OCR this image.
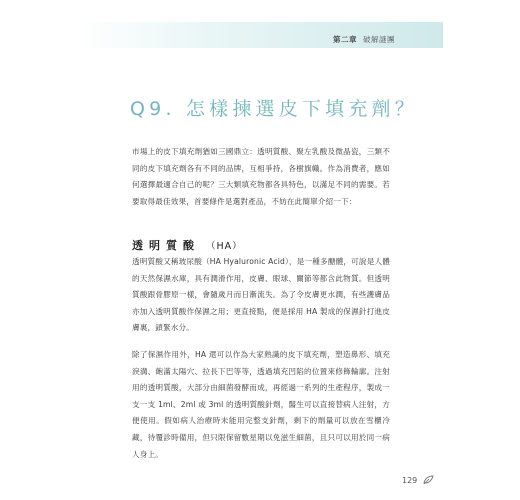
第二章 破解謎團
Q9. 怎樣揀選皮下填充劑？
市場上的皮下填充劑猶如三國鼎立：透明質酸、聚左乳酸及微晶瓷，三類不同的皮下填充劑各有不同的品牌，互相爭持，各樹旗幟。作為消費者，應如何選擇最適合自己的呢？三大類填充物都各具特色，以滿足不同的需要。若要取得最佳效果，首要條件是選對產品，不妨在此簡單介紹一下：
透明質酸 （HA）
透明質酸又稱玻尿酸（HA Hyaluronic Acid），是一種多醣體，可說是人體的天然保濕水庫，具有潤滑作用，皮膚、眼球、關節等都含此物質。但透明質酸跟骨膠原一樣，會隨歲月而日漸流失。為了令皮膚更水潤，有些護膚品亦加入透明質酸作保濕之用；更直接點，便是採用 HA 製成的保濕針打進皮膚裏，鎖緊水分。
除了保濕作用外，HA 還可以作為大家熟識的皮下填充劑，塑造鼻形、填充淚溝、飽滿太陽穴、拉長下巴等等，透過填充凹陷的位置來修飾輪廓。注射用的透明質酸，大部分由細菌發酵而成，再經過一系列的生產程序，製成一支一支 1ml、2ml 或 3ml 的透明質酸針劑，醫生可以直接替病人注射，方便使用。假如病人治療時未能用完整支針劑，剩下的劑量可以放在雪櫃冷藏，待覆診時備用，但只限保留數星期以免滋生細菌，且只可以用於同一病人身上。
129
